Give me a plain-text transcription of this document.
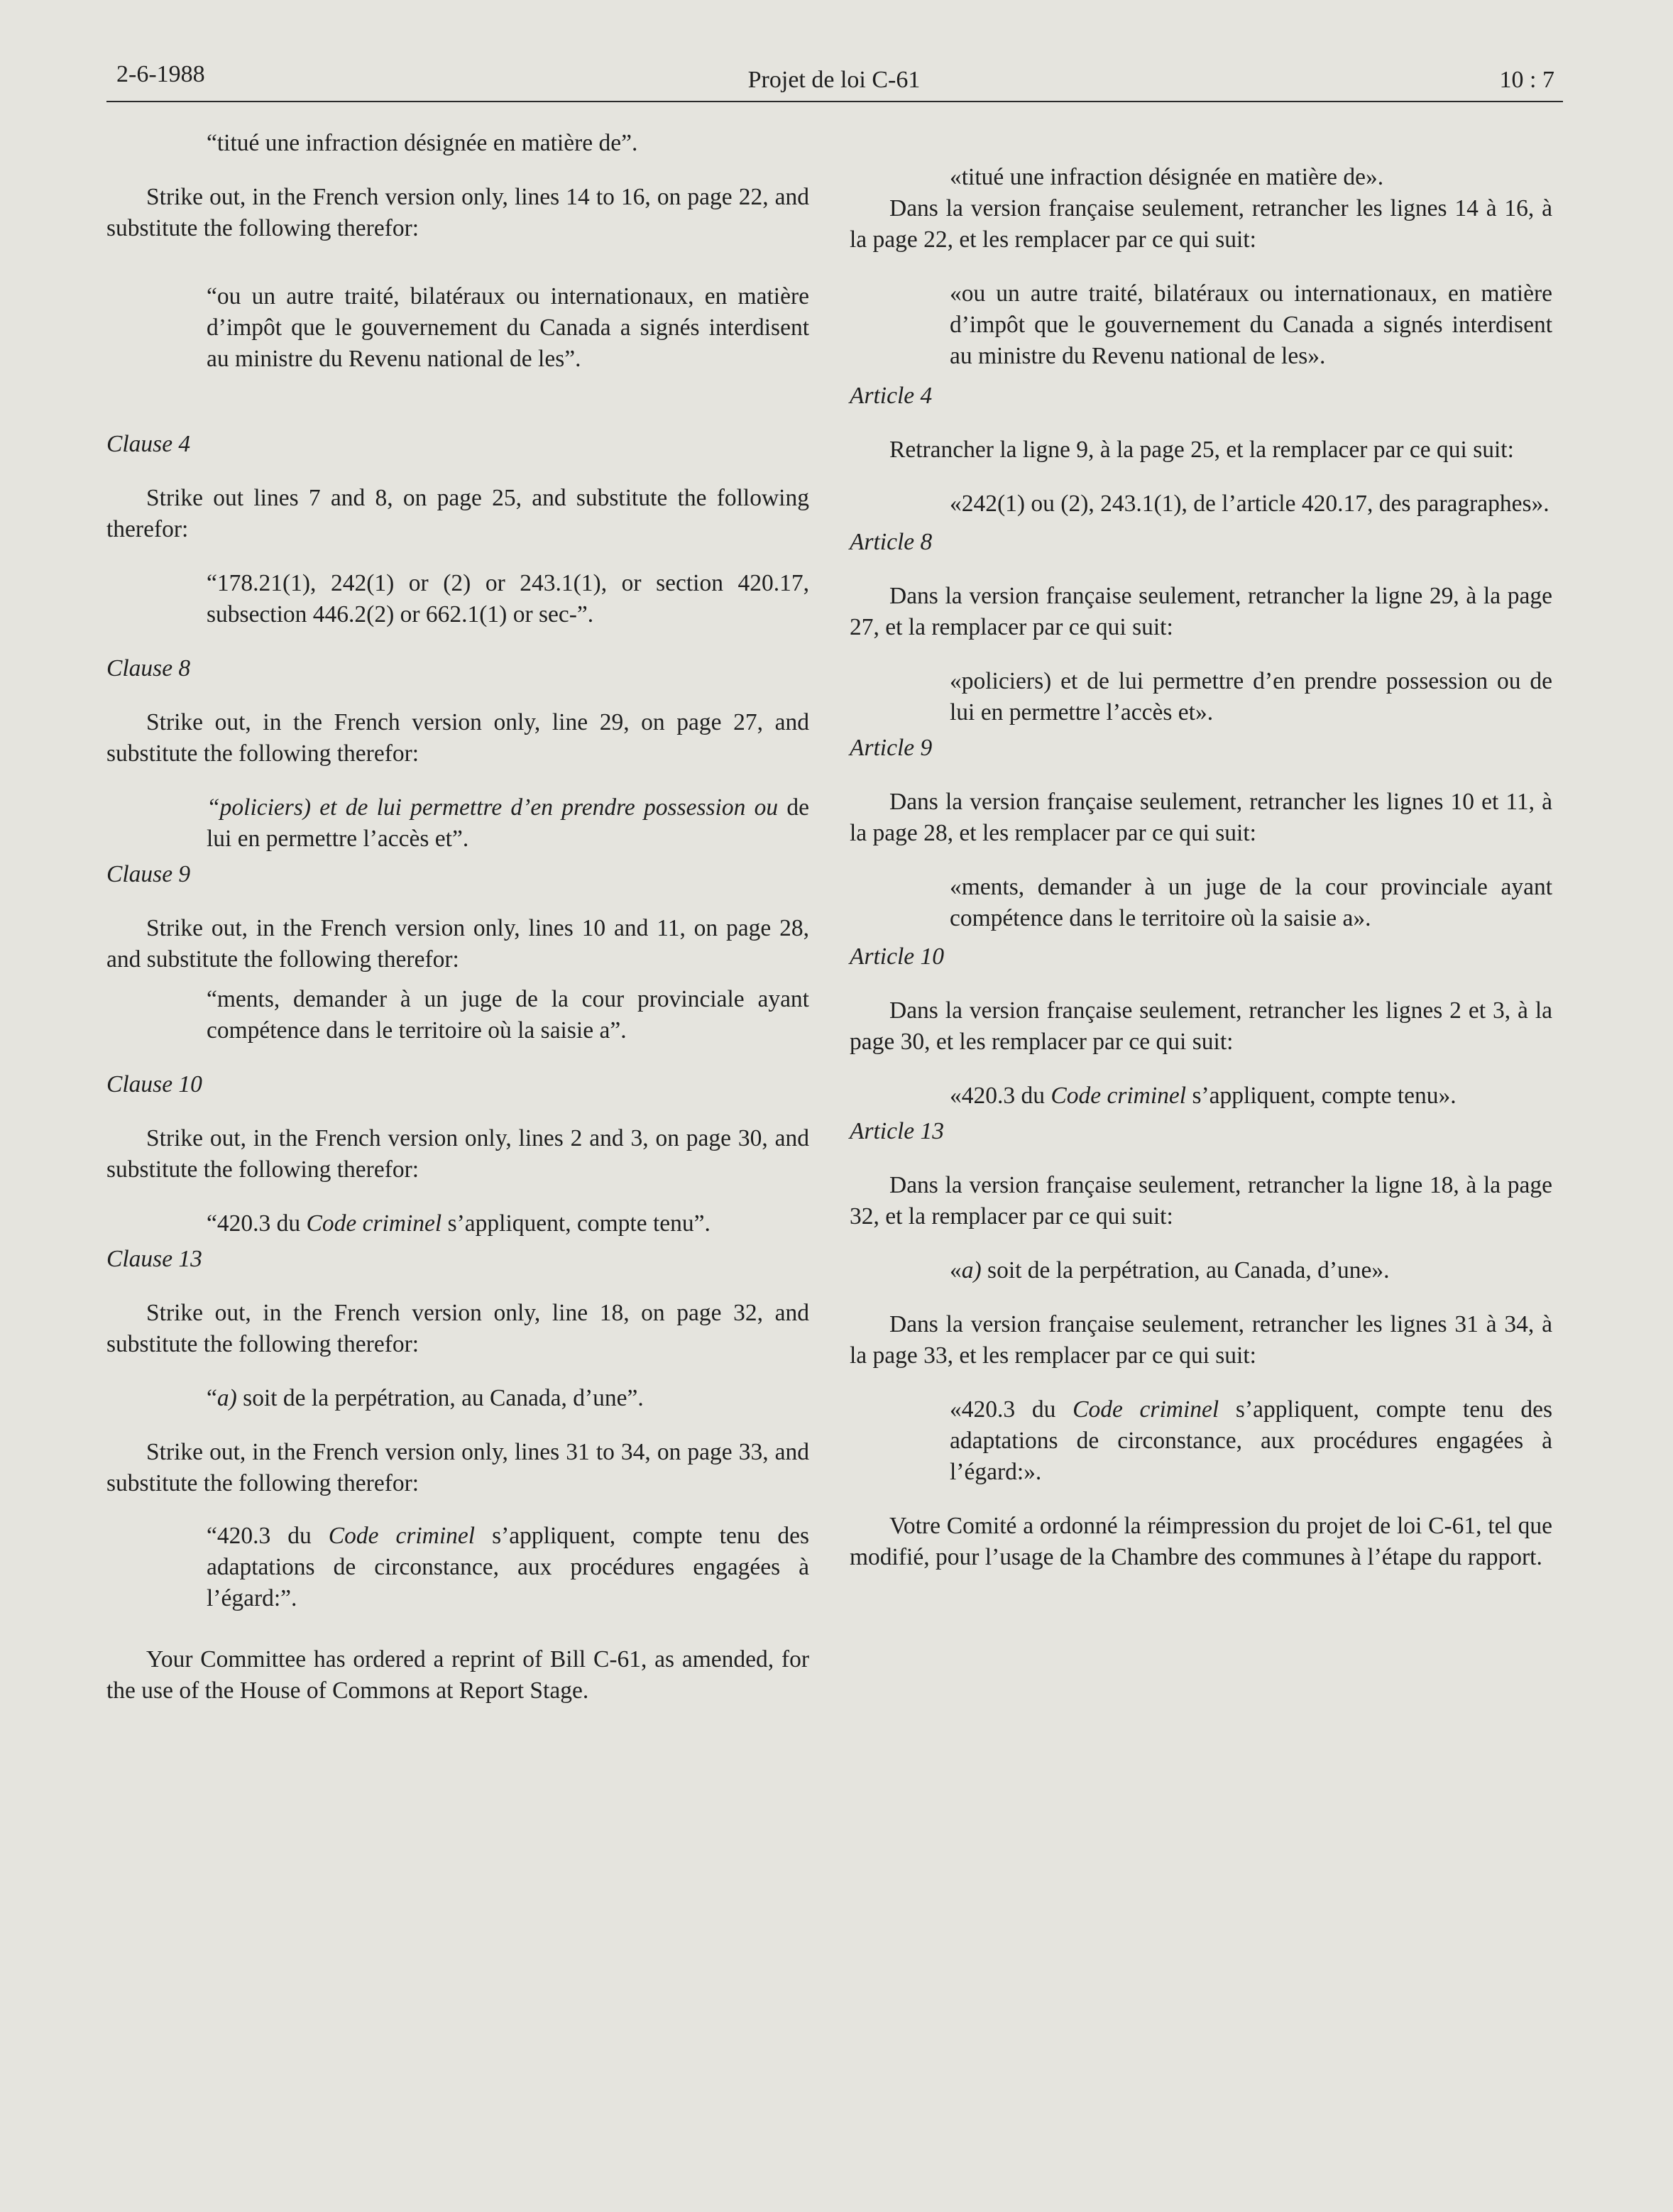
2-6-1988	Projet de loi C-61	10 : 7

“titué une infraction désignée en matière de”.

Strike out, in the French version only, lines 14 to 16, on page 22, and substitute the following therefor:

“ou un autre traité, bilatéraux ou internationaux, en matière d’impôt que le gouvernement du Canada a signés interdisent au ministre du Revenu national de les”.

Clause 4

Strike out lines 7 and 8, on page 25, and substitute the following therefor:

“178.21(1), 242(1) or (2) or 243.1(1), or section 420.17, subsection 446.2(2) or 662.1(1) or sec-”.

Clause 8

Strike out, in the French version only, line 29, on page 27, and substitute the following therefor:

“policiers) et de lui permettre d’en prendre possession ou de lui en permettre l’accès et”.

Clause 9

Strike out, in the French version only, lines 10 and 11, on page 28, and substitute the following therefor:

“ments, demander à un juge de la cour provinciale ayant compétence dans le territoire où la saisie a”.

Clause 10

Strike out, in the French version only, lines 2 and 3, on page 30, and substitute the following therefor:

“420.3 du Code criminel s’appliquent, compte tenu”.

Clause 13

Strike out, in the French version only, line 18, on page 32, and substitute the following therefor:

“a) soit de la perpétration, au Canada, d’une”.

Strike out, in the French version only, lines 31 to 34, on page 33, and substitute the following therefor:

“420.3 du Code criminel s’appliquent, compte tenu des adaptations de circonstance, aux procédures engagées à l’égard:”.

Your Committee has ordered a reprint of Bill C-61, as amended, for the use of the House of Commons at Report Stage.

«titué une infraction désignée en matière de».

Dans la version française seulement, retrancher les lignes 14 à 16, à la page 22, et les remplacer par ce qui suit:

«ou un autre traité, bilatéraux ou internationaux, en matière d’impôt que le gouvernement du Canada a signés interdisent au ministre du Revenu national de les».

Article 4

Retrancher la ligne 9, à la page 25, et la remplacer par ce qui suit:

«242(1) ou (2), 243.1(1), de l’article 420.17, des paragraphes».

Article 8

Dans la version française seulement, retrancher la ligne 29, à la page 27, et la remplacer par ce qui suit:

«policiers) et de lui permettre d’en prendre possession ou de lui en permettre l’accès et».

Article 9

Dans la version française seulement, retrancher les lignes 10 et 11, à la page 28, et les remplacer par ce qui suit:

«ments, demander à un juge de la cour provinciale ayant compétence dans le territoire où la saisie a».

Article 10

Dans la version française seulement, retrancher les lignes 2 et 3, à la page 30, et les remplacer par ce qui suit:

«420.3 du Code criminel s’appliquent, compte tenu».

Article 13

Dans la version française seulement, retrancher la ligne 18, à la page 32, et la remplacer par ce qui suit:

«a) soit de la perpétration, au Canada, d’une».

Dans la version française seulement, retrancher les lignes 31 à 34, à la page 33, et les remplacer par ce qui suit:

«420.3 du Code criminel s’appliquent, compte tenu des adaptations de circonstance, aux procédures engagées à l’égard:».

Votre Comité a ordonné la réimpression du projet de loi C-61, tel que modifié, pour l’usage de la Chambre des communes à l’étape du rapport.
